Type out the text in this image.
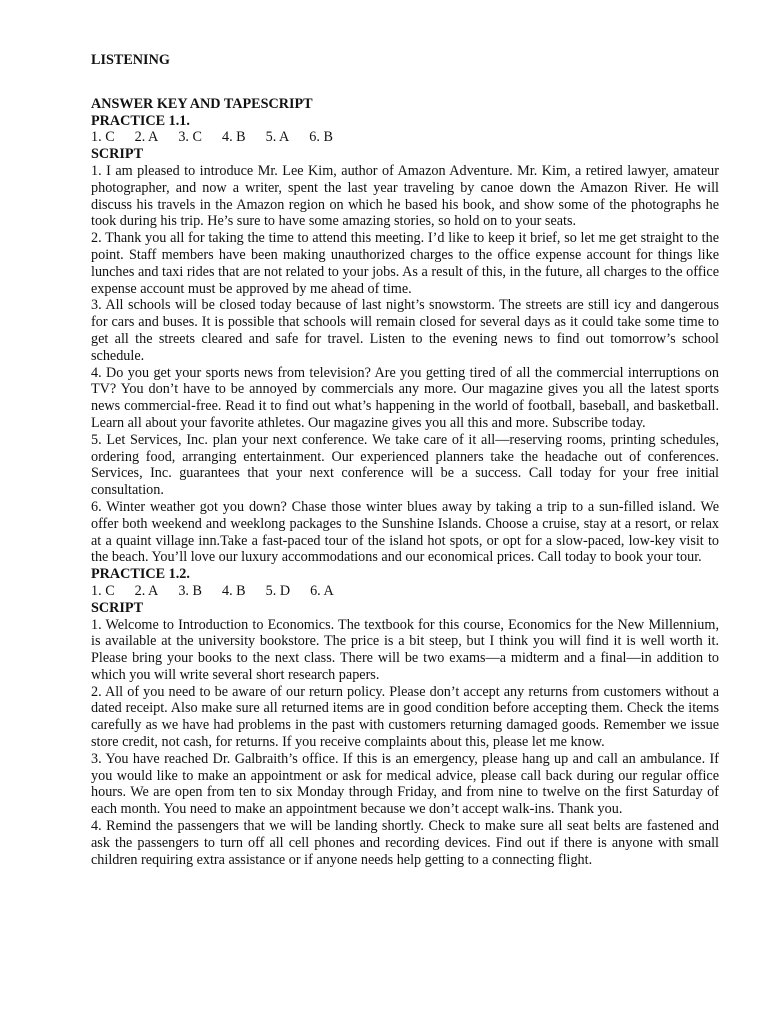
LISTENING

ANSWER KEY AND TAPESCRIPT

PRACTICE 1.1.

1. C 2. A 3. C 4. B 5. A 6. B

SCRIPT

1. I am pleased to introduce Mr. Lee Kim, author of Amazon Adventure. Mr. Kim, a retired lawyer, amateur photographer, and now a writer, spent the last year traveling by canoe down the Amazon River. He will discuss his travels in the Amazon region on which he based his book, and show some of the photographs he took during his trip. He’s sure to have some amazing stories, so hold on to your seats.

2. Thank you all for taking the time to attend this meeting. I’d like to keep it brief, so let me get straight to the point. Staff members have been making unauthorized charges to the office expense account for things like lunches and taxi rides that are not related to your jobs. As a result of this, in the future, all charges to the office expense account must be approved by me ahead of time.

3. All schools will be closed today because of last night’s snowstorm. The streets are still icy and dangerous for cars and buses. It is possible that schools will remain closed for several days as it could take some time to get all the streets cleared and safe for travel. Listen to the evening news to find out tomorrow’s school schedule.

4. Do you get your sports news from television? Are you getting tired of all the commercial interruptions on TV? You don’t have to be annoyed by commercials any more. Our magazine gives you all the latest sports news commercial-free. Read it to find out what’s happening in the world of football, baseball, and basketball. Learn all about your favorite athletes. Our magazine gives you all this and more. Subscribe today.

5. Let Services, Inc. plan your next conference. We take care of it all—reserving rooms, printing schedules, ordering food, arranging entertainment. Our experienced planners take the headache out of conferences. Services, Inc. guarantees that your next conference will be a success. Call today for your free initial consultation.

6. Winter weather got you down? Chase those winter blues away by taking a trip to a sun-filled island. We offer both weekend and weeklong packages to the Sunshine Islands. Choose a cruise, stay at a resort, or relax at a quaint village inn.Take a fast-paced tour of the island hot spots, or opt for a slow-paced, low-key visit to the beach. You’ll love our luxury accommodations and our economical prices. Call today to book your tour.

PRACTICE 1.2.

1. C 2. A 3. B 4. B 5. D 6. A

SCRIPT

1. Welcome to Introduction to Economics. The textbook for this course, Economics for the New Millennium, is available at the university bookstore. The price is a bit steep, but I think you will find it is well worth it. Please bring your books to the next class. There will be two exams—a midterm and a final—in addition to which you will write several short research papers.

2. All of you need to be aware of our return policy. Please don’t accept any returns from customers without a dated receipt. Also make sure all returned items are in good condition before accepting them. Check the items carefully as we have had problems in the past with customers returning damaged goods. Remember we issue store credit, not cash, for returns. If you receive complaints about this, please let me know.

3. You have reached Dr. Galbraith’s office. If this is an emergency, please hang up and call an ambulance. If you would like to make an appointment or ask for medical advice, please call back during our regular office hours. We are open from ten to six Monday through Friday, and from nine to twelve on the first Saturday of each month. You need to make an appointment because we don’t accept walk-ins. Thank you.

4. Remind the passengers that we will be landing shortly. Check to make sure all seat belts are fastened and ask the passengers to turn off all cell phones and recording devices. Find out if there is anyone with small children requiring extra assistance or if anyone needs help getting to a connecting flight.
